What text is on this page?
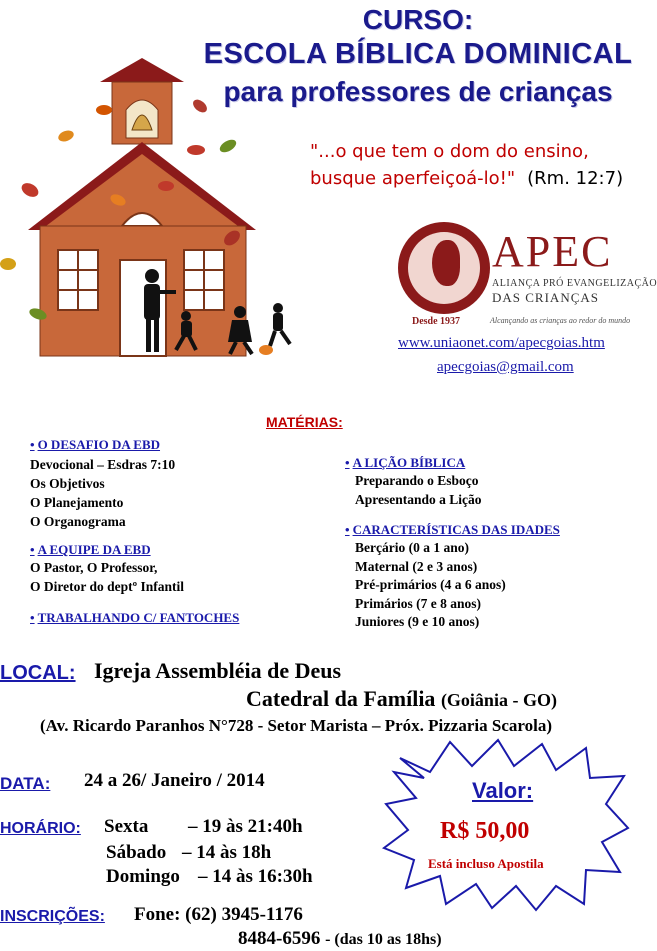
CURSO:
ESCOLA BÍBLICA DOMINICAL
para professores de crianças
"...o que tem o dom do ensino,
busque aperfeiçoá-lo!" (Rm. 12:7)
APEC
ALIANÇA PRÓ EVANGELIZAÇÃO
DAS CRIANÇAS
Desde 1937	Alcançando as crianças ao redor do mundo
www.uniaonet.com/apecgoias.htm
apecgoias@gmail.com
MATÉRIAS:
• O DESAFIO DA EBD
Devocional – Esdras 7:10
Os Objetivos
O Planejamento
O Organograma
• A EQUIPE DA EBD
O Pastor, O Professor,
O Diretor do deptº Infantil
• TRABALHANDO C/ FANTOCHES
• A LIÇÃO BÍBLICA
Preparando o Esboço
Apresentando a Lição
• CARACTERÍSTICAS DAS IDADES
Berçário (0 a 1 ano)
Maternal (2 e 3 anos)
Pré-primários (4 a 6 anos)
Primários (7 e 8 anos)
Juniores (9 e 10 anos)
LOCAL: Igreja Assembléia de Deus
Catedral da Família (Goiânia - GO)
(Av. Ricardo Paranhos N°728 - Setor Marista – Próx. Pizzaria Scarola)
DATA: 24 a 26/ Janeiro / 2014
HORÁRIO: Sexta – 19 às 21:40h
Sábado – 14 às 18h
Domingo – 14 às 16:30h
Valor:
R$ 50,00
Está incluso Apostila
INSCRIÇÕES: Fone: (62) 3945-1176
8484-6596 - (das 10 as 18hs)
